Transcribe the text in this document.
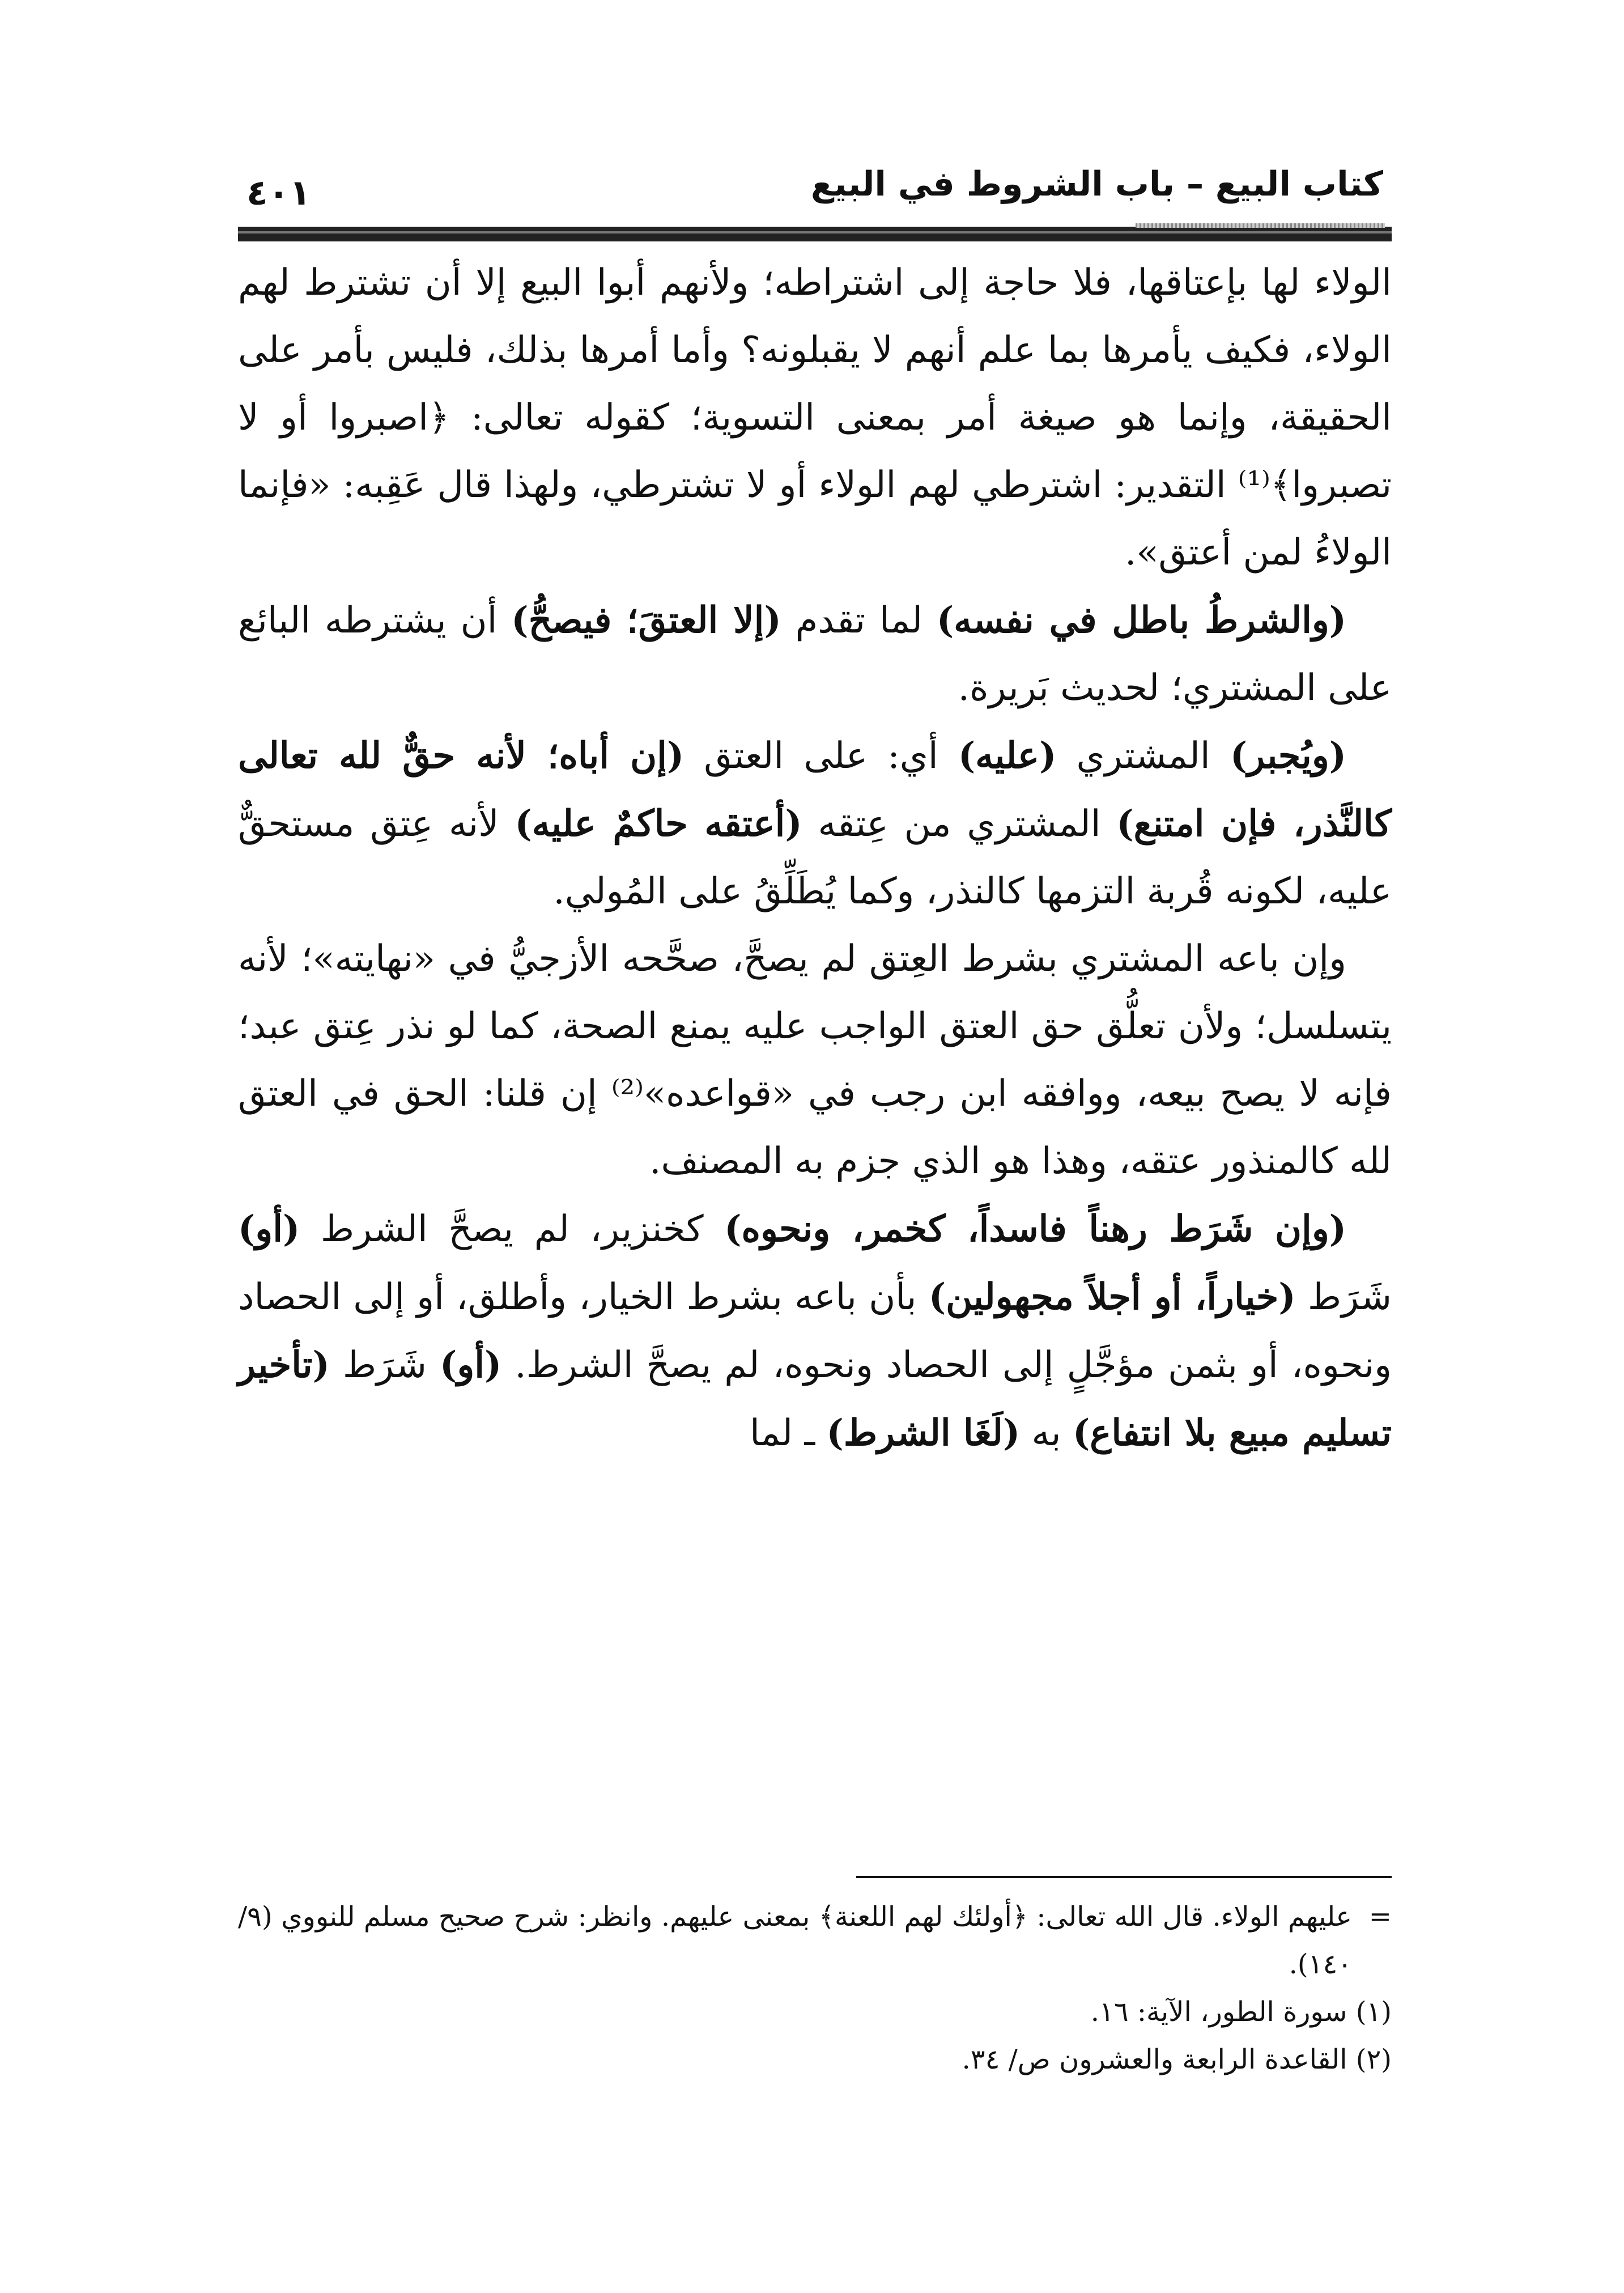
كتاب البيع – باب الشروط في البيع
٤٠١

الولاء لها بإعتاقها، فلا حاجة إلى اشتراطه؛ ولأنهم أبوا البيع إلا أن تشترط لهم الولاء، فكيف يأمرها بما علم أنهم لا يقبلونه؟ وأما أمرها بذلك، فليس بأمر على الحقيقة، وإنما هو صيغة أمر بمعنى التسوية؛ كقوله تعالى: ﴿اصبروا أو لا تصبروا﴾⁽¹⁾ التقدير: اشترطي لهم الولاء أو لا تشترطي، ولهذا قال عَقِبه: «فإنما الولاءُ لمن أعتق».

(والشرطُ باطل في نفسه) لما تقدم (إلا العتقَ؛ فيصحُّ) أن يشترطه البائع على المشتري؛ لحديث بَريرة.

(ويُجبر) المشتري (عليه) أي: على العتق (إن أباه؛ لأنه حقٌّ لله تعالى كالنَّذر، فإن امتنع) المشتري من عِتقه (أعتقه حاكمٌ عليه) لأنه عِتق مستحقٌّ عليه، لكونه قُربة التزمها كالنذر، وكما يُطَلِّقُ على المُولي.

وإن باعه المشتري بشرط العِتق لم يصحَّ، صحَّحه الأزجيُّ في «نهايته»؛ لأنه يتسلسل؛ ولأن تعلُّق حق العتق الواجب عليه يمنع الصحة، كما لو نذر عِتق عبد؛ فإنه لا يصح بيعه، ووافقه ابن رجب في «قواعده»⁽²⁾ إن قلنا: الحق في العتق لله كالمنذور عتقه، وهذا هو الذي جزم به المصنف.

(وإن شَرَط رهناً فاسداً، كخمر، ونحوه) كخنزير، لم يصحَّ الشرط (أو) شَرَط (خياراً، أو أجلاً مجهولين) بأن باعه بشرط الخيار، وأطلق، أو إلى الحصاد ونحوه، أو بثمن مؤجَّلٍ إلى الحصاد ونحوه، لم يصحَّ الشرط. (أو) شَرَط (تأخير تسليم مبيع بلا انتفاع) به (لَغَا الشرط) ـ لما

=
عليهم الولاء. قال الله تعالى: ﴿أولئك لهم اللعنة﴾ بمعنى عليهم. وانظر: شرح صحيح مسلم للنووي (٩/ ١٤٠).

(١) سورة الطور، الآية: ١٦.

(٢) القاعدة الرابعة والعشرون ص/ ٣٤.
